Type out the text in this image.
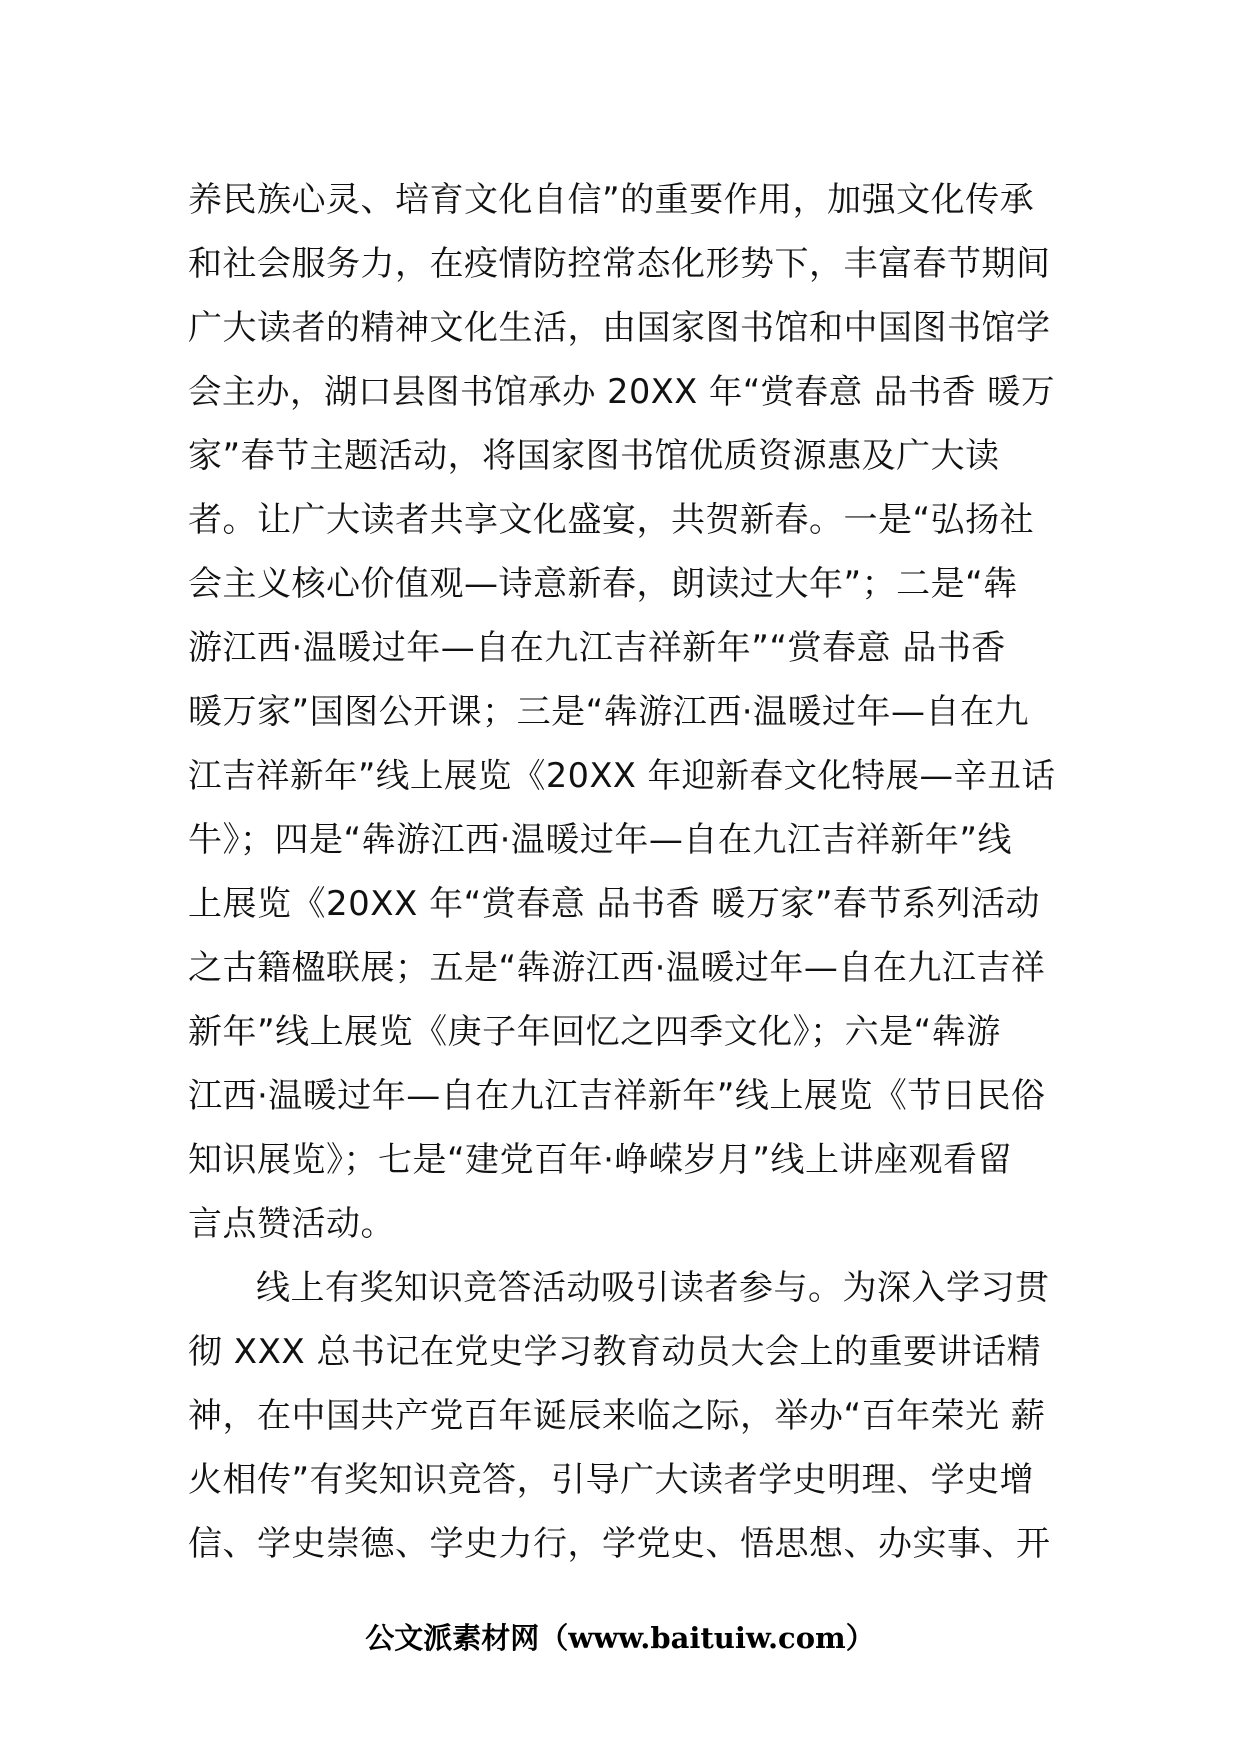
养民族心灵、培育文化自信”的重要作用，加强文化传承
和社会服务力，在疫情防控常态化形势下，丰富春节期间
广大读者的精神文化生活，由国家图书馆和中国图书馆学
会主办，湖口县图书馆承办 20XX 年“赏春意 品书香 暖万
家”春节主题活动，将国家图书馆优质资源惠及广大读
者。让广大读者共享文化盛宴，共贺新春。一是“弘扬社
会主义核心价值观—诗意新春，朗读过大年”；二是“犇
游江西·温暖过年—自在九江吉祥新年”“赏春意 品书香
暖万家”国图公开课；三是“犇游江西·温暖过年—自在九
江吉祥新年”线上展览《20XX 年迎新春文化特展—辛丑话
牛》；四是“犇游江西·温暖过年—自在九江吉祥新年”线
上展览《20XX 年“赏春意 品书香 暖万家”春节系列活动
之古籍楹联展；五是“犇游江西·温暖过年—自在九江吉祥
新年”线上展览《庚子年回忆之四季文化》；六是“犇游
江西·温暖过年—自在九江吉祥新年”线上展览《节日民俗
知识展览》；七是“建党百年·峥嵘岁月”线上讲座观看留
言点赞活动。
线上有奖知识竞答活动吸引读者参与。为深入学习贯
彻 XXX 总书记在党史学习教育动员大会上的重要讲话精
神，在中国共产党百年诞辰来临之际，举办“百年荣光 薪
火相传”有奖知识竞答，引导广大读者学史明理、学史增
信、学史崇德、学史力行，学党史、悟思想、办实事、开
公文派素材网（www.baituiw.com）
